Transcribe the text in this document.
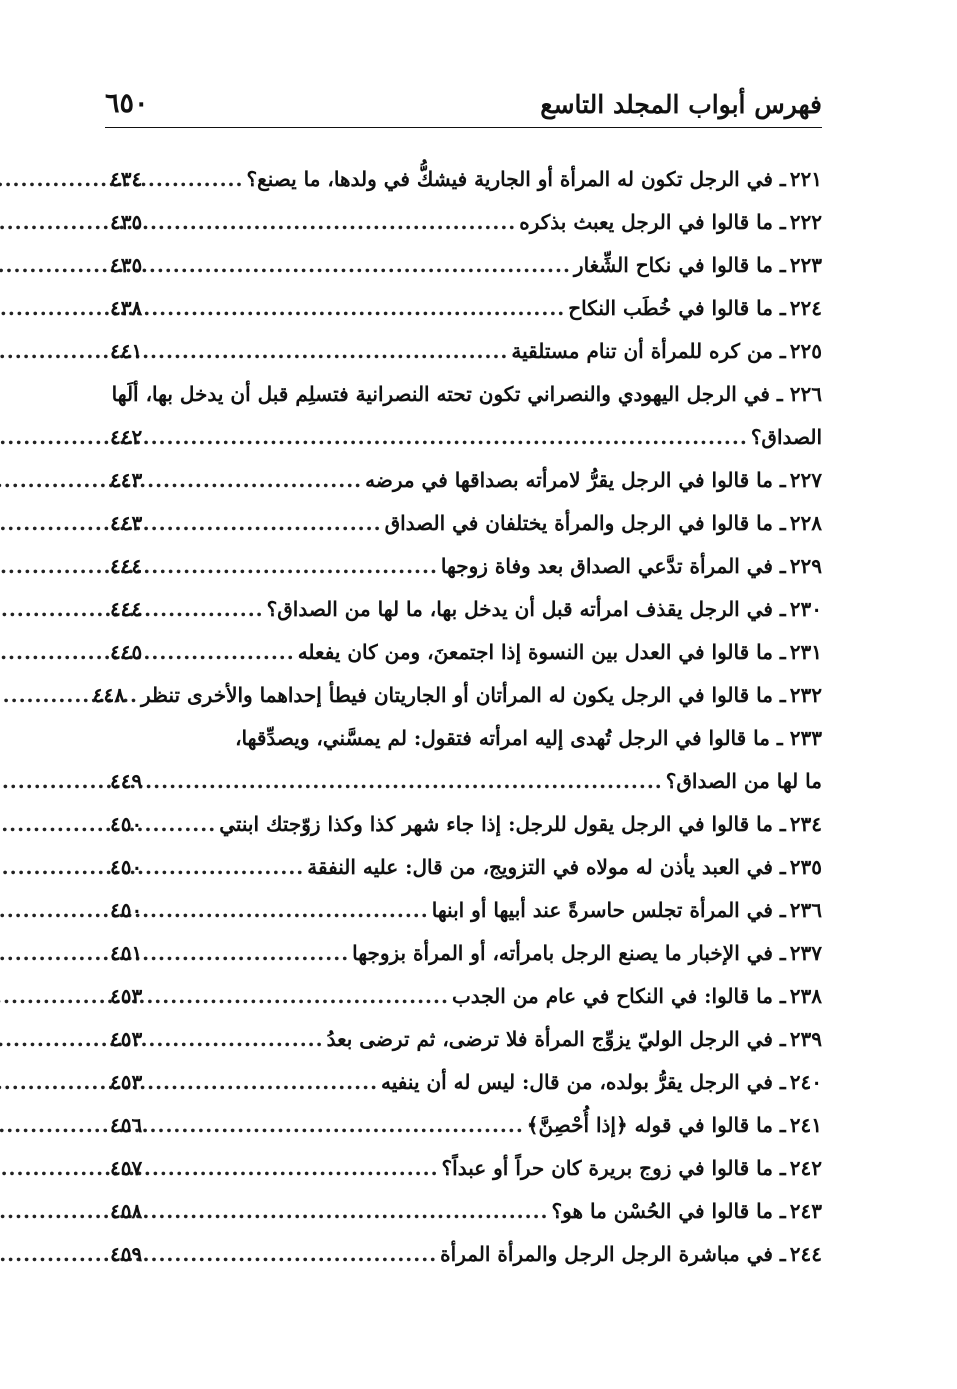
٦٥٠	فهرس أبواب المجلد التاسع
٢٢١
ـ في الرجل تكون له المرأة أو الجارية فيشكُّ في ولدها، ما يصنع؟
.....
٤٣٤
٢٢٢
ـ ما قالوا في الرجل يعبث بذكره
.....
٤٣٥
٢٢٣
ـ ما قالوا في نكاح الشِّغار
.....
٤٣٥
٢٢٤
ـ ما قالوا في خُطَب النكاح
.....
٤٣٨
٢٢٥
ـ من كره للمرأة أن تنام مستلقية
.....
٤٤١
٢٢٦ ـ في الرجل اليهودي والنصراني تكون تحته النصرانية فتسلِم قبل أن يدخل بها، ألَها
الصداق؟
.....
٤٤٢
٢٢٧
ـ ما قالوا في الرجل يقرُّ لامرأته بصداقها في مرضه
.....
٤٤٣
٢٢٨
ـ ما قالوا في الرجل والمرأة يختلفان في الصداق
.....
٤٤٣
٢٢٩
ـ في المرأة تدَّعي الصداق بعد وفاة زوجها
.....
٤٤٤
٢٣٠
ـ في الرجل يقذف امرأته قبل أن يدخل بها، ما لها من الصداق؟
.....
٤٤٤
٢٣١
ـ ما قالوا في العدل بين النسوة إذا اجتمعنَ، ومن كان يفعله
.....
٤٤٥
٢٣٢
ـ ما قالوا في الرجل يكون له المرأتان أو الجاريتان فيطأ إحداهما والأخرى تنظر
.....
٤٤٨
٢٣٣ ـ ما قالوا في الرجل تُهدى إليه امرأته فتقول: لم يمسَّني، ويصدِّقها،
ما لها من الصداق؟
.....
٤٤٩
٢٣٤
ـ ما قالوا في الرجل يقول للرجل: إذا جاء شهر كذا وكذا زوّجتك ابنتي
.....
٤٥٠
٢٣٥
ـ في العبد يأذن له مولاه في التزويج، من قال: عليه النفقة
.....
٤٥٠
٢٣٦
ـ في المرأة تجلس حاسرةً عند أبيها أو ابنها
.....
٤٥٠
٢٣٧
ـ في الإخبار ما يصنع الرجل بامرأته، أو المرأة بزوجها
.....
٤٥١
٢٣٨
ـ ما قالوا: في النكاح في عام من الجدب
.....
٤٥٣
٢٣٩
ـ في الرجل الوليّ يزوِّج المرأة فلا ترضى، ثم ترضى بعدُ
.....
٤٥٣
٢٤٠
ـ في الرجل يقرُّ بولده، من قال: ليس له أن ينفيه
.....
٤٥٣
٢٤١
ـ ما قالوا في قوله ﴿إذا أُحْصِنَّ﴾
.....
٤٥٦
٢٤٢
ـ ما قالوا في زوج بريرة كان حراً أو عبداً؟
.....
٤٥٧
٢٤٣
ـ ما قالوا في الحُسْن ما هو؟
.....
٤٥٨
٢٤٤
ـ في مباشرة الرجل الرجل والمرأة المرأة
.....
٤٥٩
